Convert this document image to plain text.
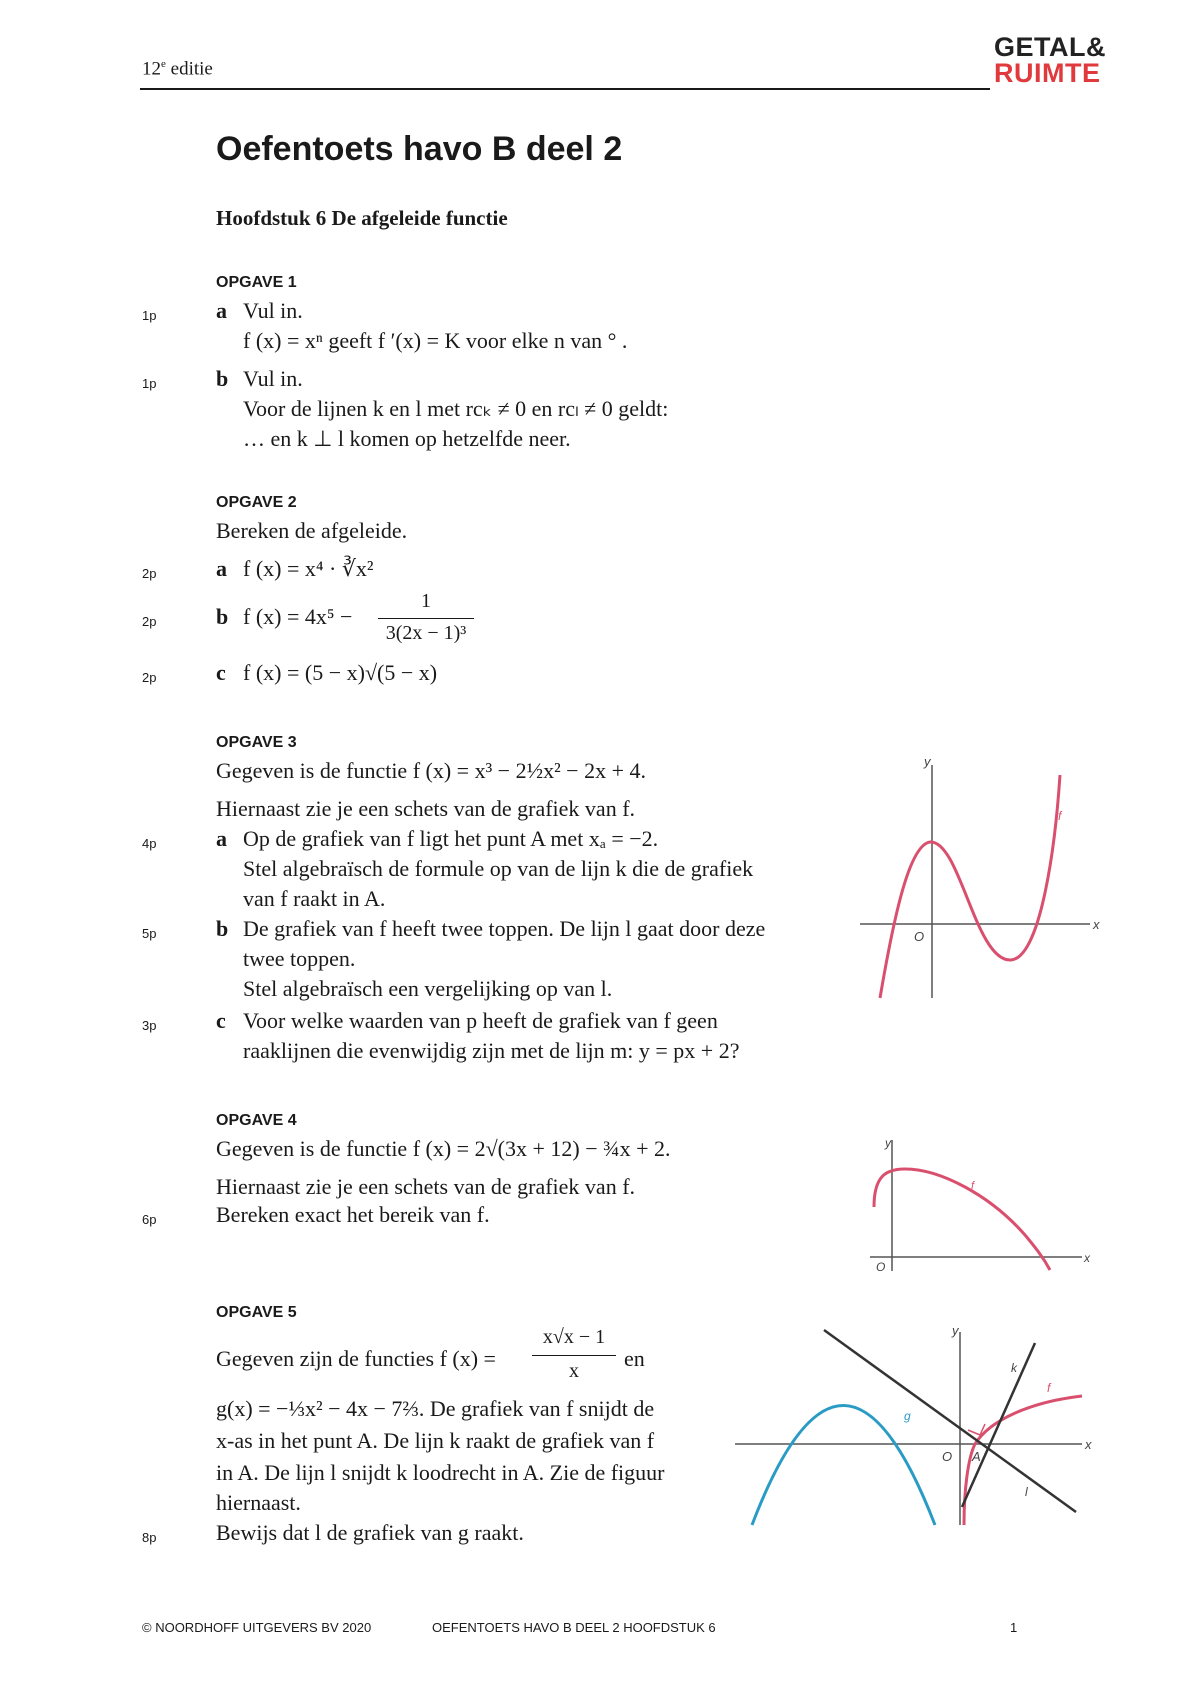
12e editie
GETAL&
RUIMTE
Oefentoets havo B deel 2
Hoofdstuk 6 De afgeleide functie
OPGAVE 1
1p	a Vul in.
f (x) = xⁿ geeft f ′(x) = K voor elke n van ° .
1p	b Vul in.
Voor de lijnen k en l met rcₖ ≠ 0 en rcₗ ≠ 0 geldt:
… en k ⊥ l komen op hetzelfde neer.
OPGAVE 2
Bereken de afgeleide.
2p	a f (x) = x⁴ · ∛x²
2p	b f (x) = 4x⁵ −
1
3(2x − 1)³
2p	c f (x) = (5 − x)√(5 − x)
OPGAVE 3
Gegeven is de functie f (x) = x³ − 2½x² − 2x + 4.
Hiernaast zie je een schets van de grafiek van f.
4p	a Op de grafiek van f ligt het punt A met xₐ = −2.
Stel algebraïsch de formule op van de lijn k die de grafiek
van f raakt in A.
5p	b De grafiek van f heeft twee toppen. De lijn l gaat door deze
twee toppen.
Stel algebraïsch een vergelijking op van l.
3p	c Voor welke waarden van p heeft de grafiek van f geen
raaklijnen die evenwijdig zijn met de lijn m: y = px + 2?
x
y
O
f
OPGAVE 4
Gegeven is de functie f (x) = 2√(3x + 12) − ¾x + 2.
Hiernaast zie je een schets van de grafiek van f.
6p	Bereken exact het bereik van f.
x
y
O
f
OPGAVE 5
Gegeven zijn de functies f (x) =
x√x − 1
x	en
g(x) = −⅓x² − 4x − 7⅔. De grafiek van f snijdt de
x-as in het punt A. De lijn k raakt de grafiek van f
in A. De lijn l snijdt k loodrecht in A. Zie de figuur
hiernaast.
8p	Bewijs dat l de grafiek van g raakt.
x
y
O A
f
g
k
l
© NOORDHOFF UITGEVERS BV 2020	OEFENTOETS HAVO B DEEL 2 HOOFDSTUK 6	1
